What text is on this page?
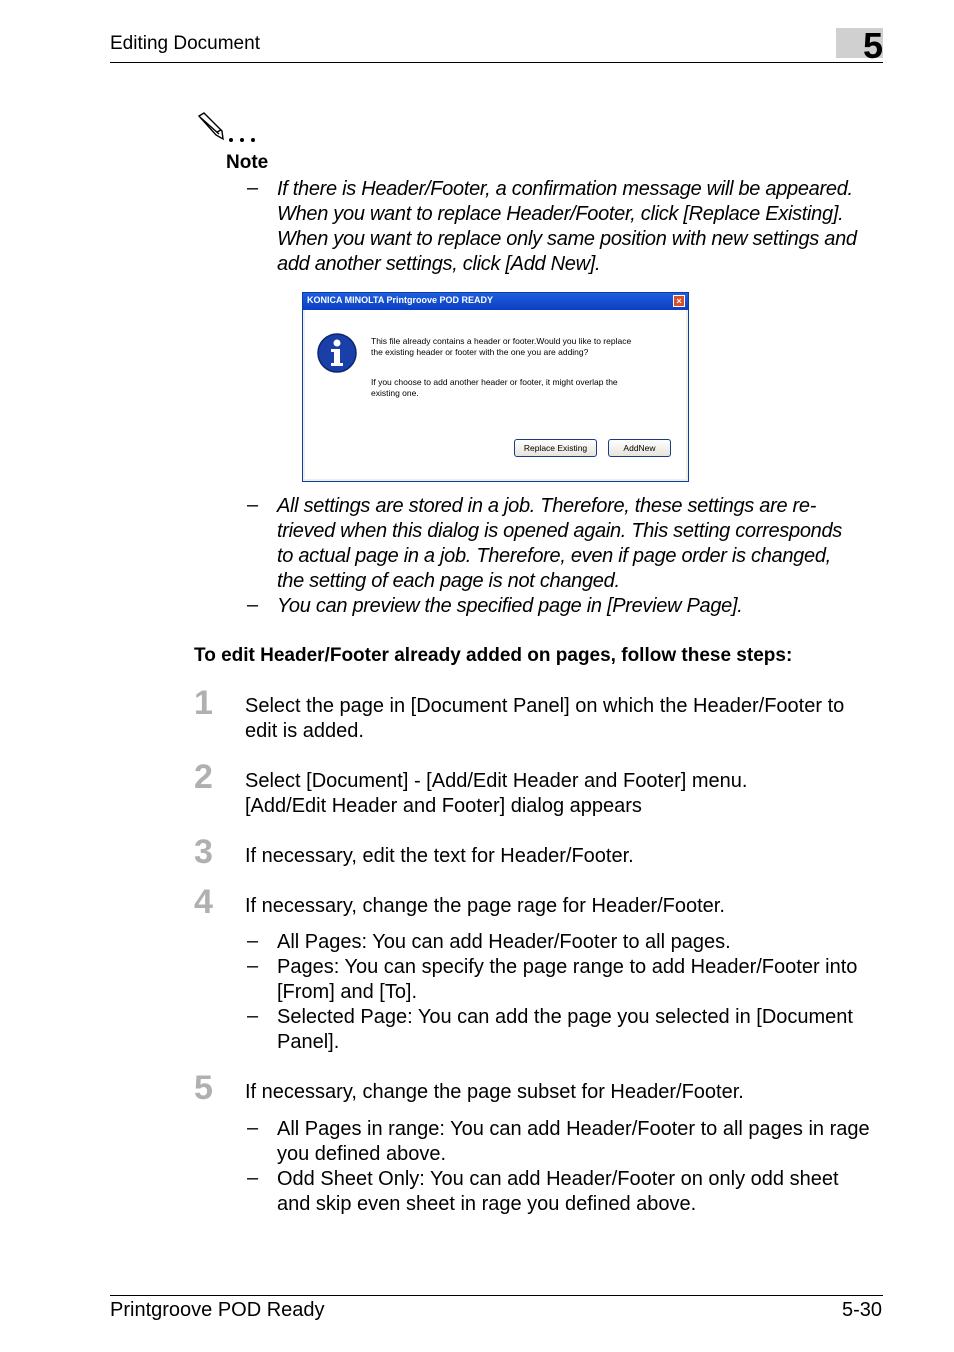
Editing Document	5
Note
– If there is Header/Footer, a confirmation message will be appeared.
When you want to replace Header/Footer, click [Replace Existing].
When you want to replace only same position with new settings and
add another settings, click [Add New].
KONICA MINOLTA Printgroove POD READY	×
This file already contains a header or footer.Would you like to replace
the existing header or footer with the one you are adding?
If you choose to add another header or footer, it might overlap the
existing one.
Replace Existing	AddNew
– All settings are stored in a job. Therefore, these settings are re-
trieved when this dialog is opened again. This setting corresponds
to actual page in a job. Therefore, even if page order is changed,
the setting of each page is not changed.
– You can preview the specified page in [Preview Page].
To edit Header/Footer already added on pages, follow these steps:
1 Select the page in [Document Panel] on which the Header/Footer to
edit is added.
2 Select [Document] - [Add/Edit Header and Footer] menu.
[Add/Edit Header and Footer] dialog appears
3 If necessary, edit the text for Header/Footer.
4 If necessary, change the page rage for Header/Footer.
– All Pages: You can add Header/Footer to all pages.
– Pages: You can specify the page range to add Header/Footer into
[From] and [To].
– Selected Page: You can add the page you selected in [Document
Panel].
5 If necessary, change the page subset for Header/Footer.
– All Pages in range: You can add Header/Footer to all pages in rage
you defined above.
– Odd Sheet Only: You can add Header/Footer on only odd sheet
and skip even sheet in rage you defined above.
Printgroove POD Ready	5-30
